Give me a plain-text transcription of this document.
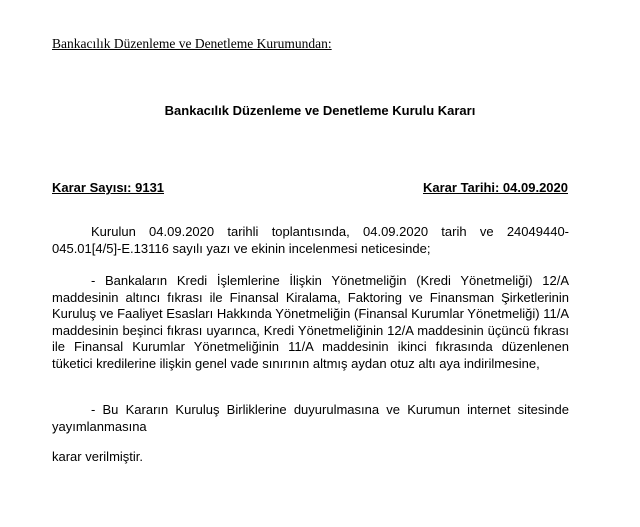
Bankacılık Düzenleme ve Denetleme Kurumundan:
Bankacılık Düzenleme ve Denetleme Kurulu Kararı
Karar Sayısı: 9131	Karar Tarihi: 04.09.2020

Kurulun 04.09.2020 tarihli toplantısında, 04.09.2020 tarih ve 24049440-045.01[4/5]-E.13116 sayılı yazı ve ekinin incelenmesi neticesinde;

- Bankaların Kredi İşlemlerine İlişkin Yönetmeliğin (Kredi Yönetmeliği) 12/A maddesinin altıncı fıkrası ile Finansal Kiralama, Faktoring ve Finansman Şirketlerinin Kuruluş ve Faaliyet Esasları Hakkında Yönetmeliğin (Finansal Kurumlar Yönetmeliği) 11/A maddesinin beşinci fıkrası uyarınca, Kredi Yönetmeliğinin 12/A maddesinin üçüncü fıkrası ile Finansal Kurumlar Yönetmeliğinin 11/A maddesinin ikinci fıkrasında düzenlenen tüketici kredilerine ilişkin genel vade sınırının altmış aydan otuz altı aya indirilmesine,

- Bu Kararın Kuruluş Birliklerine duyurulmasına ve Kurumun internet sitesinde yayımlanmasına

karar verilmiştir.
